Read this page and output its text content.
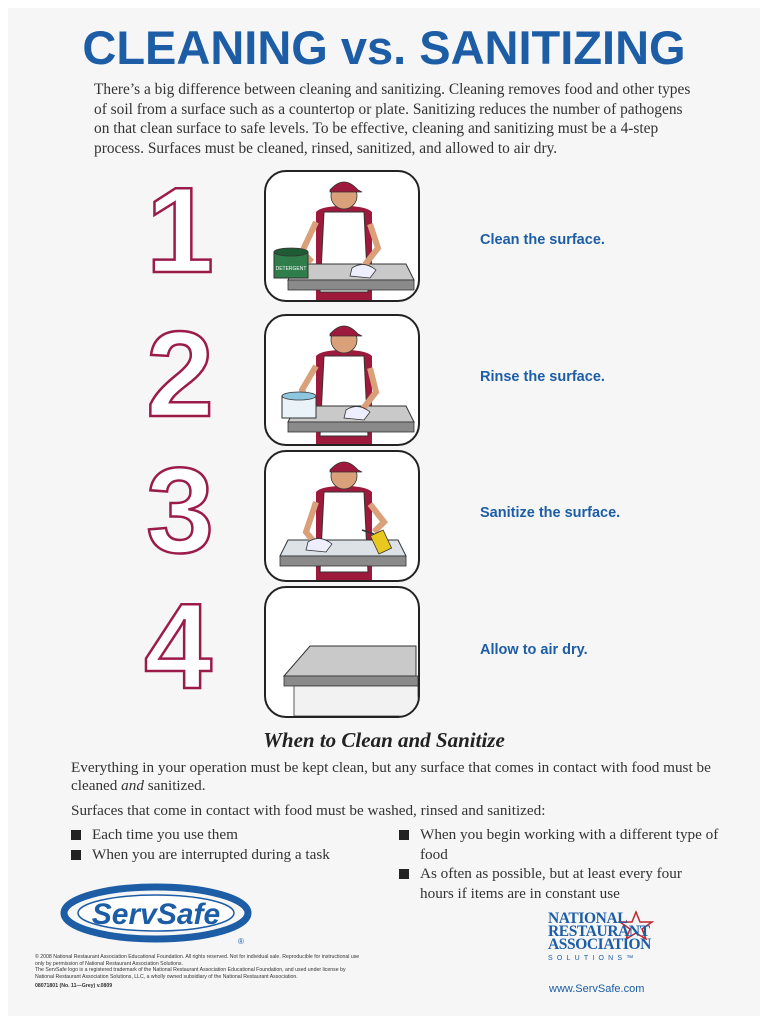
CLEANING vs. SANITIZING

There’s a big difference between cleaning and sanitizing. Cleaning removes food and other types of soil from a surface such as a countertop or plate. Sanitizing reduces the number of pathogens on that clean surface to safe levels. To be effective, cleaning and sanitizing must be a 4-step process. Surfaces must be cleaned, rinsed, sanitized, and allowed to air dry.

1
2
3
4
DETERGENT
Clean the surface.
Rinse the surface.
Sanitize the surface.
Allow to air dry.
When to Clean and Sanitize

Everything in your operation must be kept clean, but any surface that comes in contact with food must be cleaned and sanitized.

Surfaces that come in contact with food must be washed, rinsed and sanitized:

Each time you use them
When you are interrupted during a task
When you begin working with a different type of food
As often as possible, but at least every four hours if items are in constant use
ServSafe
®

© 2008 National Restaurant Association Educational Foundation. All rights reserved. Not for individual sale. Reproducible for instructional use only by permission of National Restaurant Association Solutions.

The ServSafe logo is a registered trademark of the National Restaurant Association Educational Foundation, and used under license by National Restaurant Association Solutions, LLC, a wholly owned subsidiary of the National Restaurant Association.

08071801 (No. 11—Grey) v.0809

NATIONAL
RESTAURANT
ASSOCIATION
SOLUTIONS™
www.ServSafe.com
